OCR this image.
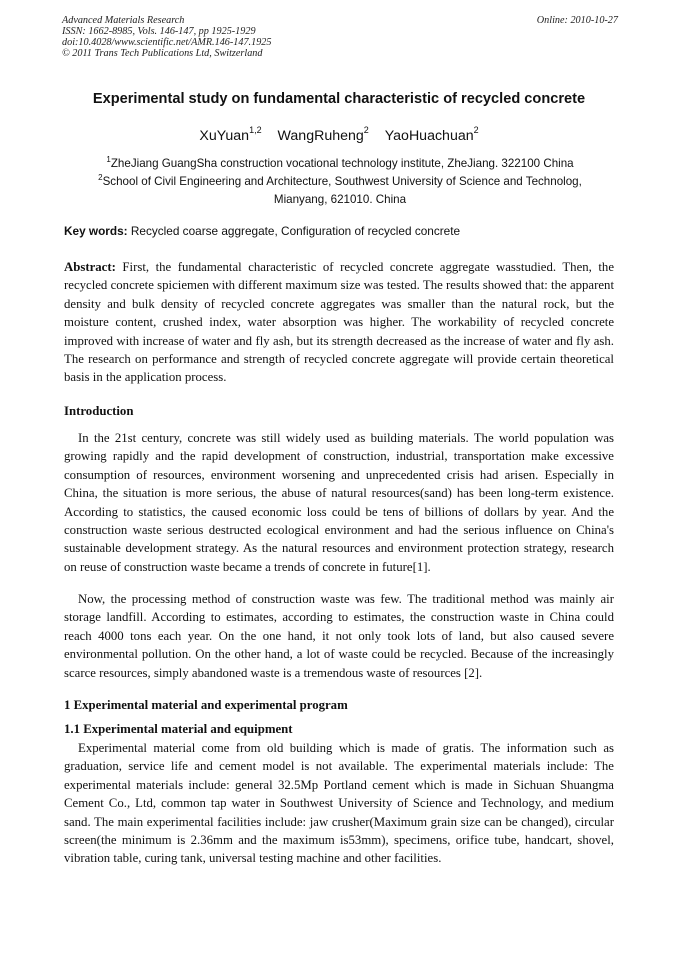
Advanced Materials Research
ISSN: 1662-8985, Vols. 146-147, pp 1925-1929
doi:10.4028/www.scientific.net/AMR.146-147.1925
© 2011 Trans Tech Publications Ltd, Switzerland
Online: 2010-10-27
Experimental study on fundamental characteristic of recycled concrete
XuYuan$^{1,2}$ WangRuheng$^2$ YaoHuachuan$^2$
$^1$ZheJiang GuangSha construction vocational technology institute, ZheJiang. 322100 China
$^2$School of Civil Engineering and Architecture, Southwest University of Science and Technolog, Mianyang, 621010. China
Key words: Recycled coarse aggregate, Configuration of recycled concrete
Abstract: First, the fundamental characteristic of recycled concrete aggregate wasstudied. Then, the recycled concrete spiciemen with different maximum size was tested. The results showed that: the apparent density and bulk density of recycled concrete aggregates was smaller than the natural rock, but the moisture content, crushed index, water absorption was higher. The workability of recycled concrete improved with increase of water and fly ash, but its strength decreased as the increase of water and fly ash. The research on performance and strength of recycled concrete aggregate will provide certain theoretical basis in the application process.
Introduction
In the 21st century, concrete was still widely used as building materials. The world population was growing rapidly and the rapid development of construction, industrial, transportation make excessive consumption of resources, environment worsening and unprecedented crisis had arisen. Especially in China, the situation is more serious, the abuse of natural resources(sand) has been long-term existence. According to statistics, the caused economic loss could be tens of billions of dollars by year. And the construction waste serious destructed ecological environment and had the serious influence on China's sustainable development strategy. As the natural resources and environment protection strategy, research on reuse of construction waste became a trends of concrete in future[1].
Now, the processing method of construction waste was few. The traditional method was mainly air storage landfill. According to estimates, according to estimates, the construction waste in China could reach 4000 tons each year. On the one hand, it not only took lots of land, but also caused severe environmental pollution. On the other hand, a lot of waste could be recycled. Because of the increasingly scarce resources, simply abandoned waste is a tremendous waste of resources [2].
1 Experimental material and experimental program
1.1 Experimental material and equipment
Experimental material come from old building which is made of gratis. The information such as graduation, service life and cement model is not available. The experimental materials include: The experimental materials include: general 32.5Mp Portland cement which is made in Sichuan Shuangma Cement Co., Ltd, common tap water in Southwest University of Science and Technology, and medium sand. The main experimental facilities include: jaw crusher(Maximum grain size can be changed), circular screen(the minimum is 2.36mm and the maximum is53mm), specimens, orifice tube, handcart, shovel, vibration table, curing tank, universal testing machine and other facilities.
